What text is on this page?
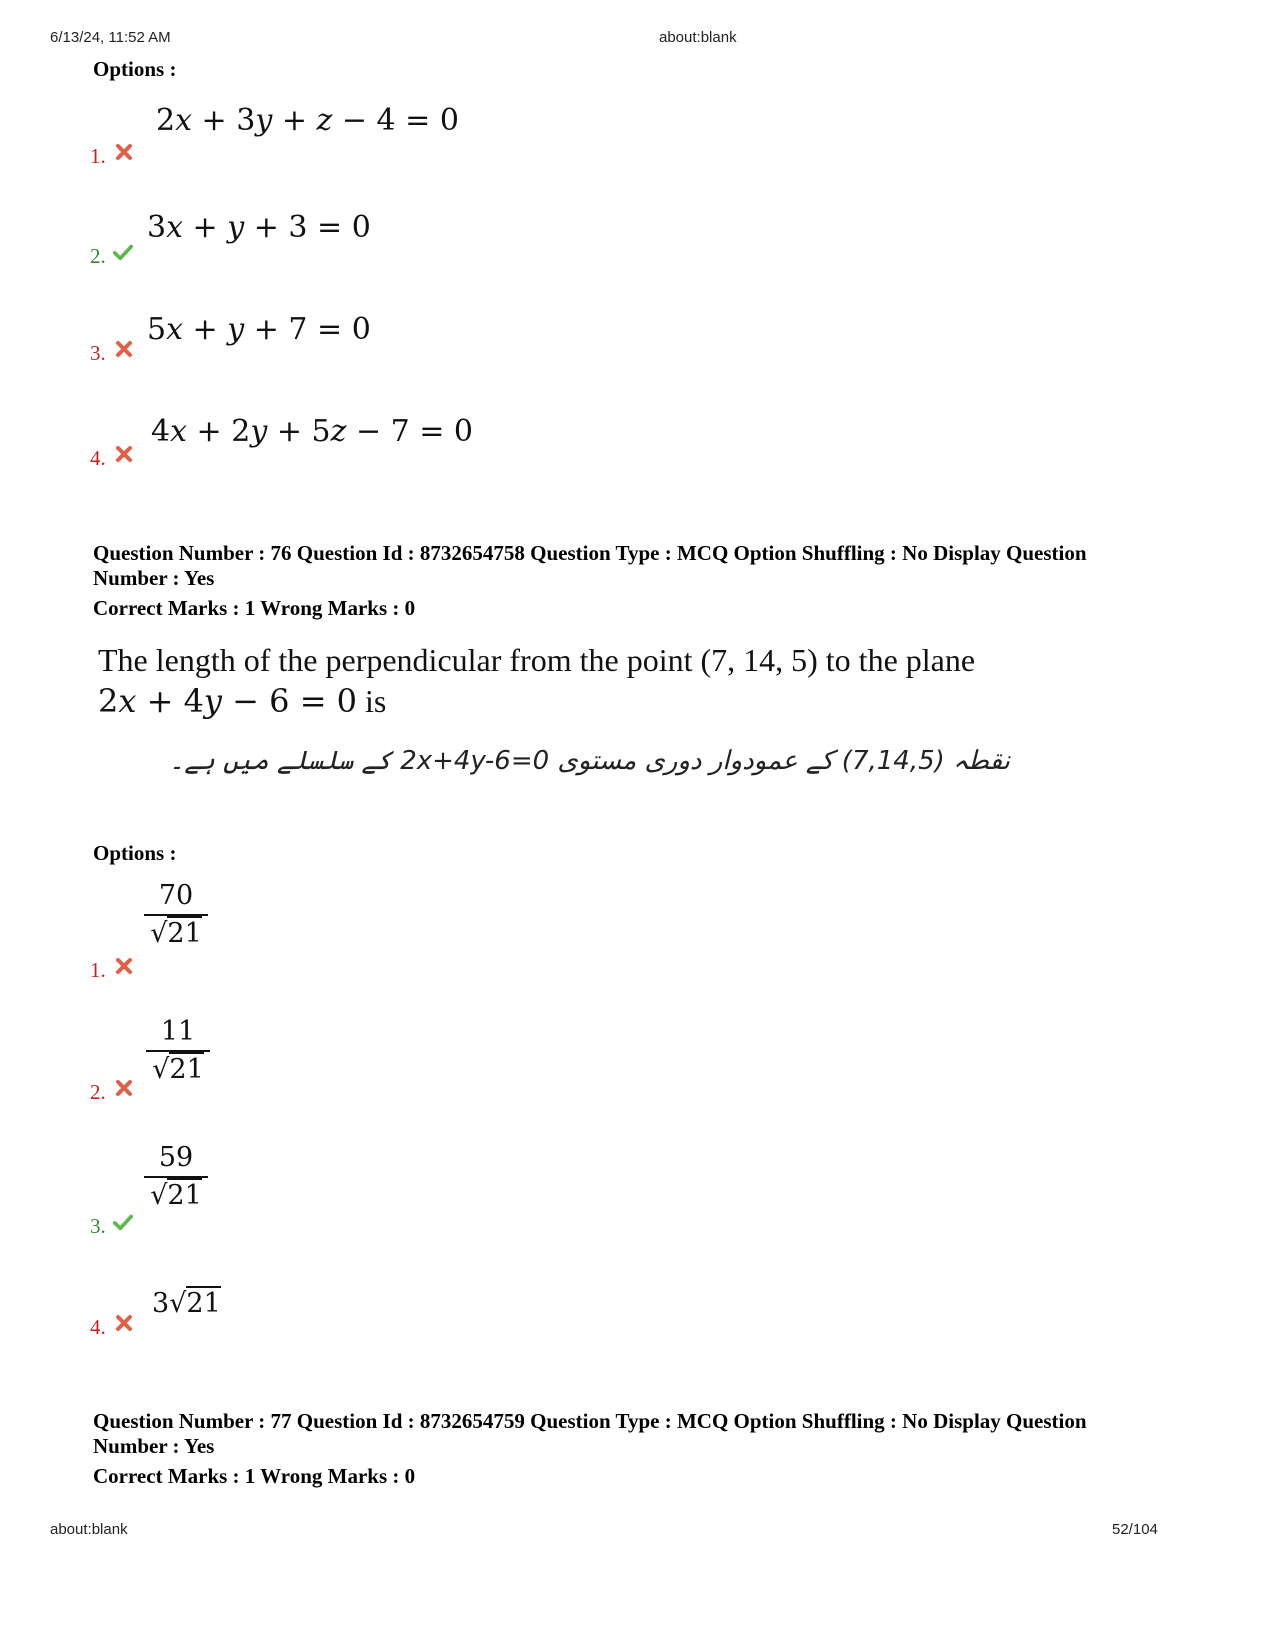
6/13/24, 11:52 AM	about:blank
Options :
1.
2x + 3y + z − 4 = 0
2.
3x + y + 3 = 0
3.
5x + y + 7 = 0
4.
4x + 2y + 5z − 7 = 0
Question Number : 76 Question Id : 8732654758 Question Type : MCQ Option Shuffling : No Display Question
Number : Yes
Correct Marks : 1 Wrong Marks : 0
The length of the perpendicular from the point (7, 14, 5) to the plane
2x + 4y − 6 = 0 is
نقطہ (7,14,5) کے عمودوار دوری مستوی 2x+4y-6=0 کے سلسلے میں ہے۔
Options :
1.
$\frac{70}{√21}$
2.
$\frac{11}{√21}$
3.
$\frac{59}{√21}$
4.
3√21
Question Number : 77 Question Id : 8732654759 Question Type : MCQ Option Shuffling : No Display Question
Number : Yes
Correct Marks : 1 Wrong Marks : 0
about:blank	52/104
